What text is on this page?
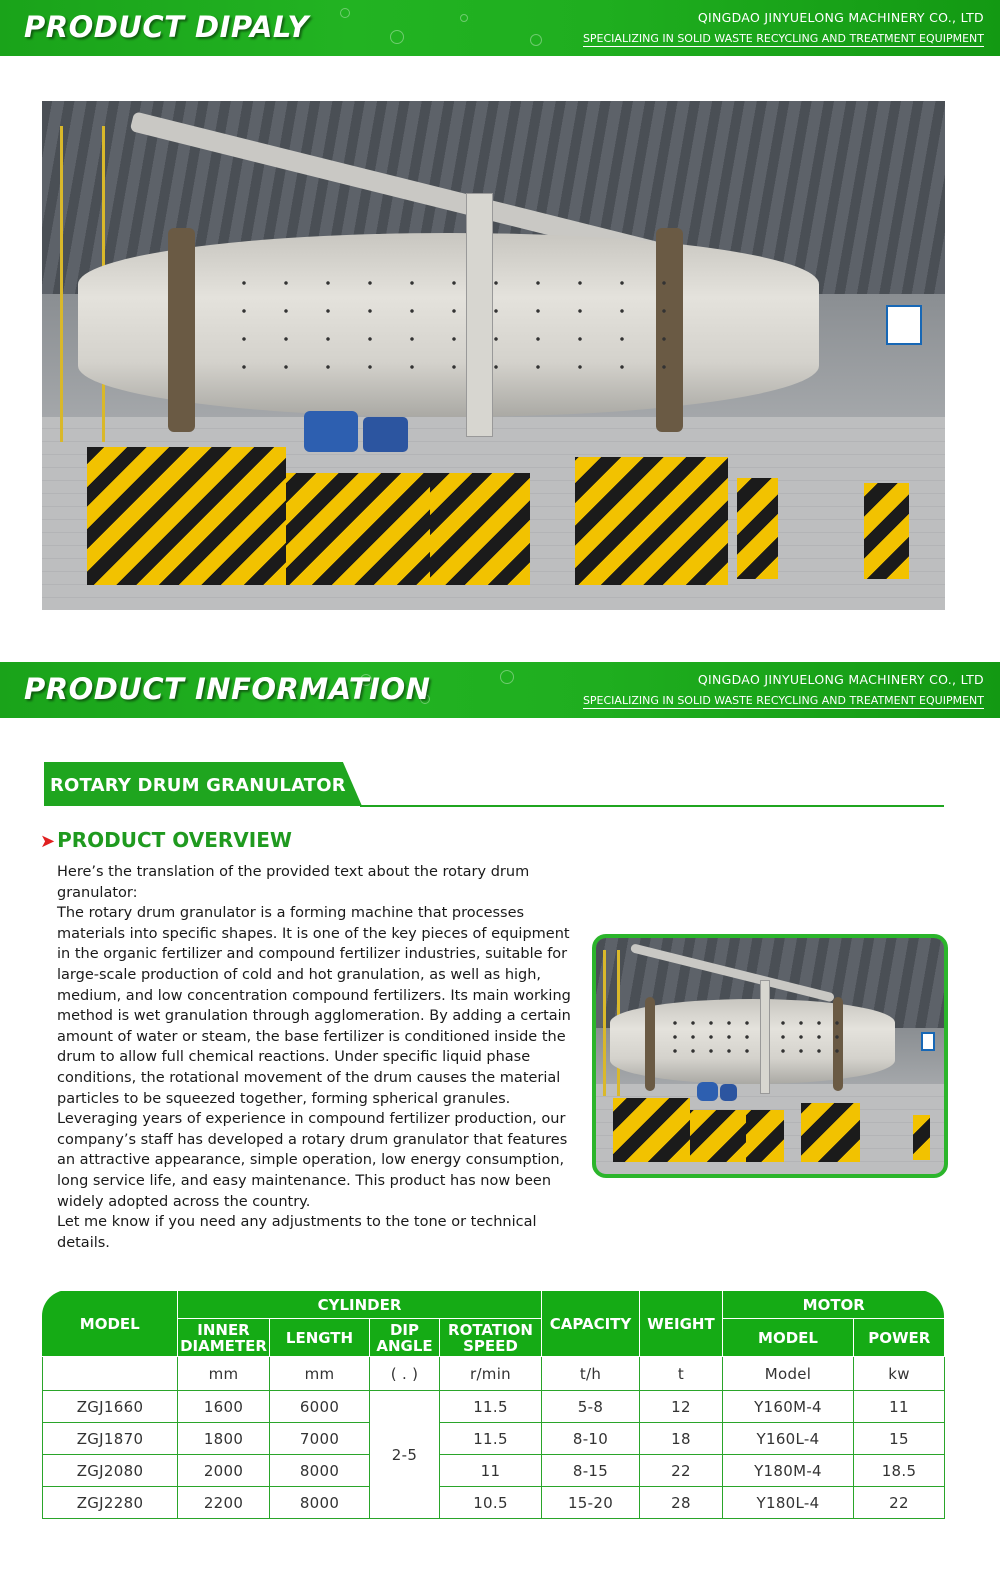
PRODUCT DIPALY	QINGDAO JINYUELONG MACHINERY CO., LTD
SPECIALIZING IN SOLID WASTE RECYCLING AND TREATMENT EQUIPMENT
PRODUCT INFORMATION	QINGDAO JINYUELONG MACHINERY CO., LTD
SPECIALIZING IN SOLID WASTE RECYCLING AND TREATMENT EQUIPMENT
ROTARY DRUM GRANULATOR
➤ PRODUCT OVERVIEW

Here’s the translation of the provided text about the rotary drum granulator:

The rotary drum granulator is a forming machine that processes materials into specific shapes. It is one of the key pieces of equipment in the organic fertilizer and compound fertilizer industries, suitable for large-scale production of cold and hot granulation, as well as high, medium, and low concentration compound fertilizers. Its main working method is wet granulation through agglomeration. By adding a certain amount of water or steam, the base fertilizer is conditioned inside the drum to allow full chemical reactions. Under specific liquid phase conditions, the rotational movement of the drum causes the material particles to be squeezed together, forming spherical granules.

Leveraging years of experience in compound fertilizer production, our company’s staff has developed a rotary drum granulator that features an attractive appearance, simple operation, low energy consumption, long service life, and easy maintenance. This product has now been widely adopted across the country.

Let me know if you need any adjustments to the tone or technical details.

MODEL	CYLINDER				CAPACITY	WEIGHT	MOTOR	
	INNER DIAMETER	LENGTH	DIP ANGLE	ROTATION SPEED			MODEL	POWER
	mm	mm	( . )	r/min	t/h	t	Model	kw
ZGJ1660	1600	6000	2-5	11.5	5-8	12	Y160M-4	11
ZGJ1870	1800	7000		11.5	8-10	18	Y160L-4	15
ZGJ2080	2000	8000		11	8-15	22	Y180M-4	18.5
ZGJ2280	2200	8000		10.5	15-20	28	Y180L-4	22
